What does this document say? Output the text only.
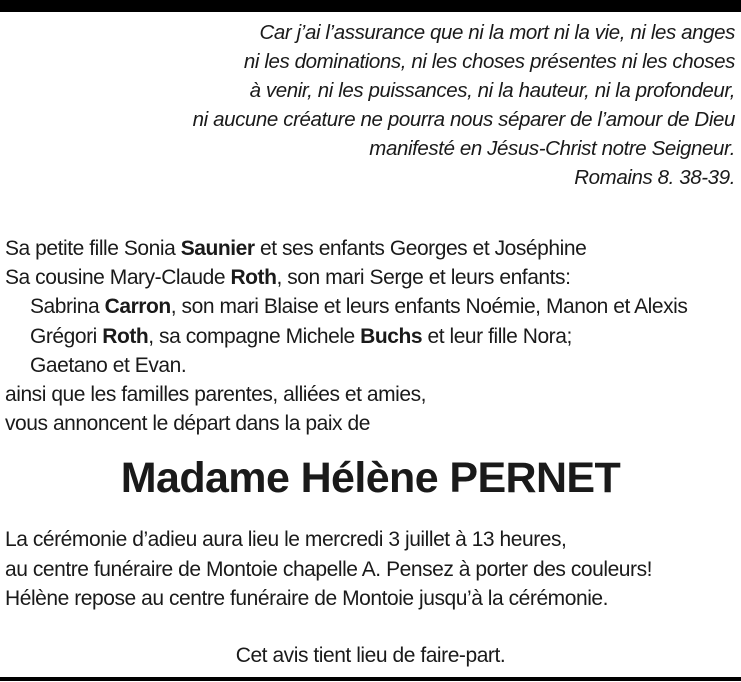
Car j’ai l’assurance que ni la mort ni la vie, ni les anges
ni les dominations, ni les choses présentes ni les choses
à venir, ni les puissances, ni la hauteur, ni la profondeur,
ni aucune créature ne pourra nous séparer de l’amour de Dieu
manifesté en Jésus-Christ notre Seigneur.
Romains 8. 38-39.
Sa petite fille Sonia Saunier et ses enfants Georges et Joséphine
Sa cousine Mary-Claude Roth, son mari Serge et leurs enfants:
Sabrina Carron, son mari Blaise et leurs enfants Noémie, Manon et Alexis
Grégori Roth, sa compagne Michele Buchs et leur fille Nora;
Gaetano et Evan.
ainsi que les familles parentes, alliées et amies,
vous annoncent le départ dans la paix de
Madame Hélène PERNET
La cérémonie d’adieu aura lieu le mercredi 3 juillet à 13 heures,
au centre funéraire de Montoie chapelle A. Pensez à porter des couleurs!
Hélène repose au centre funéraire de Montoie jusqu’à la cérémonie.
Cet avis tient lieu de faire-part.
